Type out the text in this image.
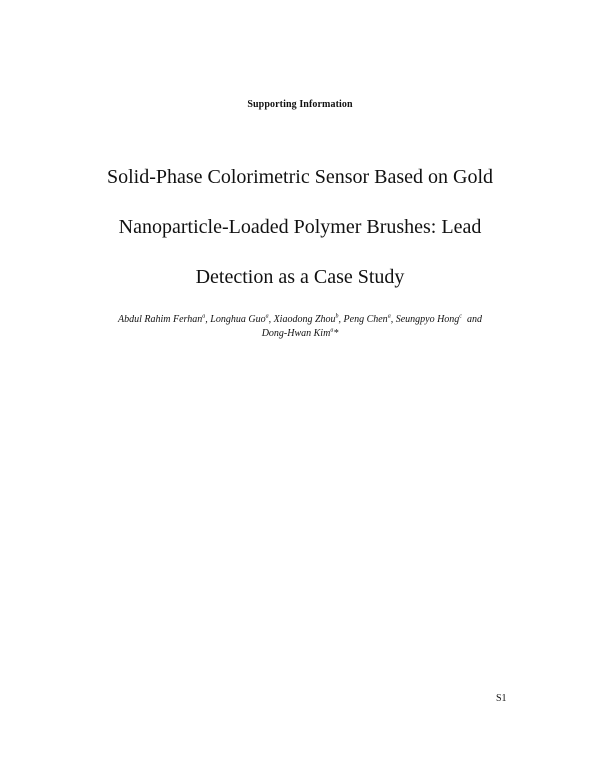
Supporting Information
Solid-Phase Colorimetric Sensor Based on Gold
Nanoparticle-Loaded Polymer Brushes: Lead
Detection as a Case Study
Abdul Rahim Ferhan$^a$, Longhua Guo$^a$, Xiaodong Zhou$^b$, Peng Chen$^a$, Seungpyo Hong$^c$ and
Dong-Hwan Kim$^a$*
S1
